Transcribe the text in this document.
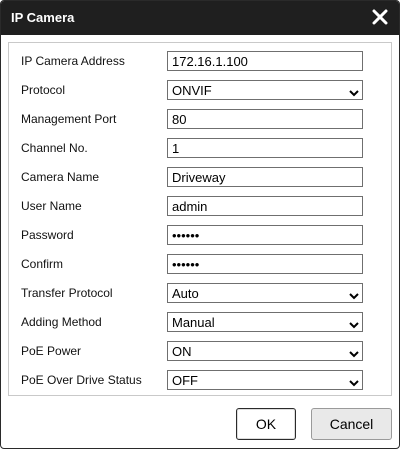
IP Camera
IP Camera Address	172.16.1.100
Protocol	ONVIF
Management Port	80
Channel No.	1
Camera Name	Driveway
User Name	admin
Password	••••••
Confirm	••••••
Transfer Protocol	Auto
Adding Method	Manual
PoE Power	ON
PoE Over Drive Status OFF
OK	Cancel
